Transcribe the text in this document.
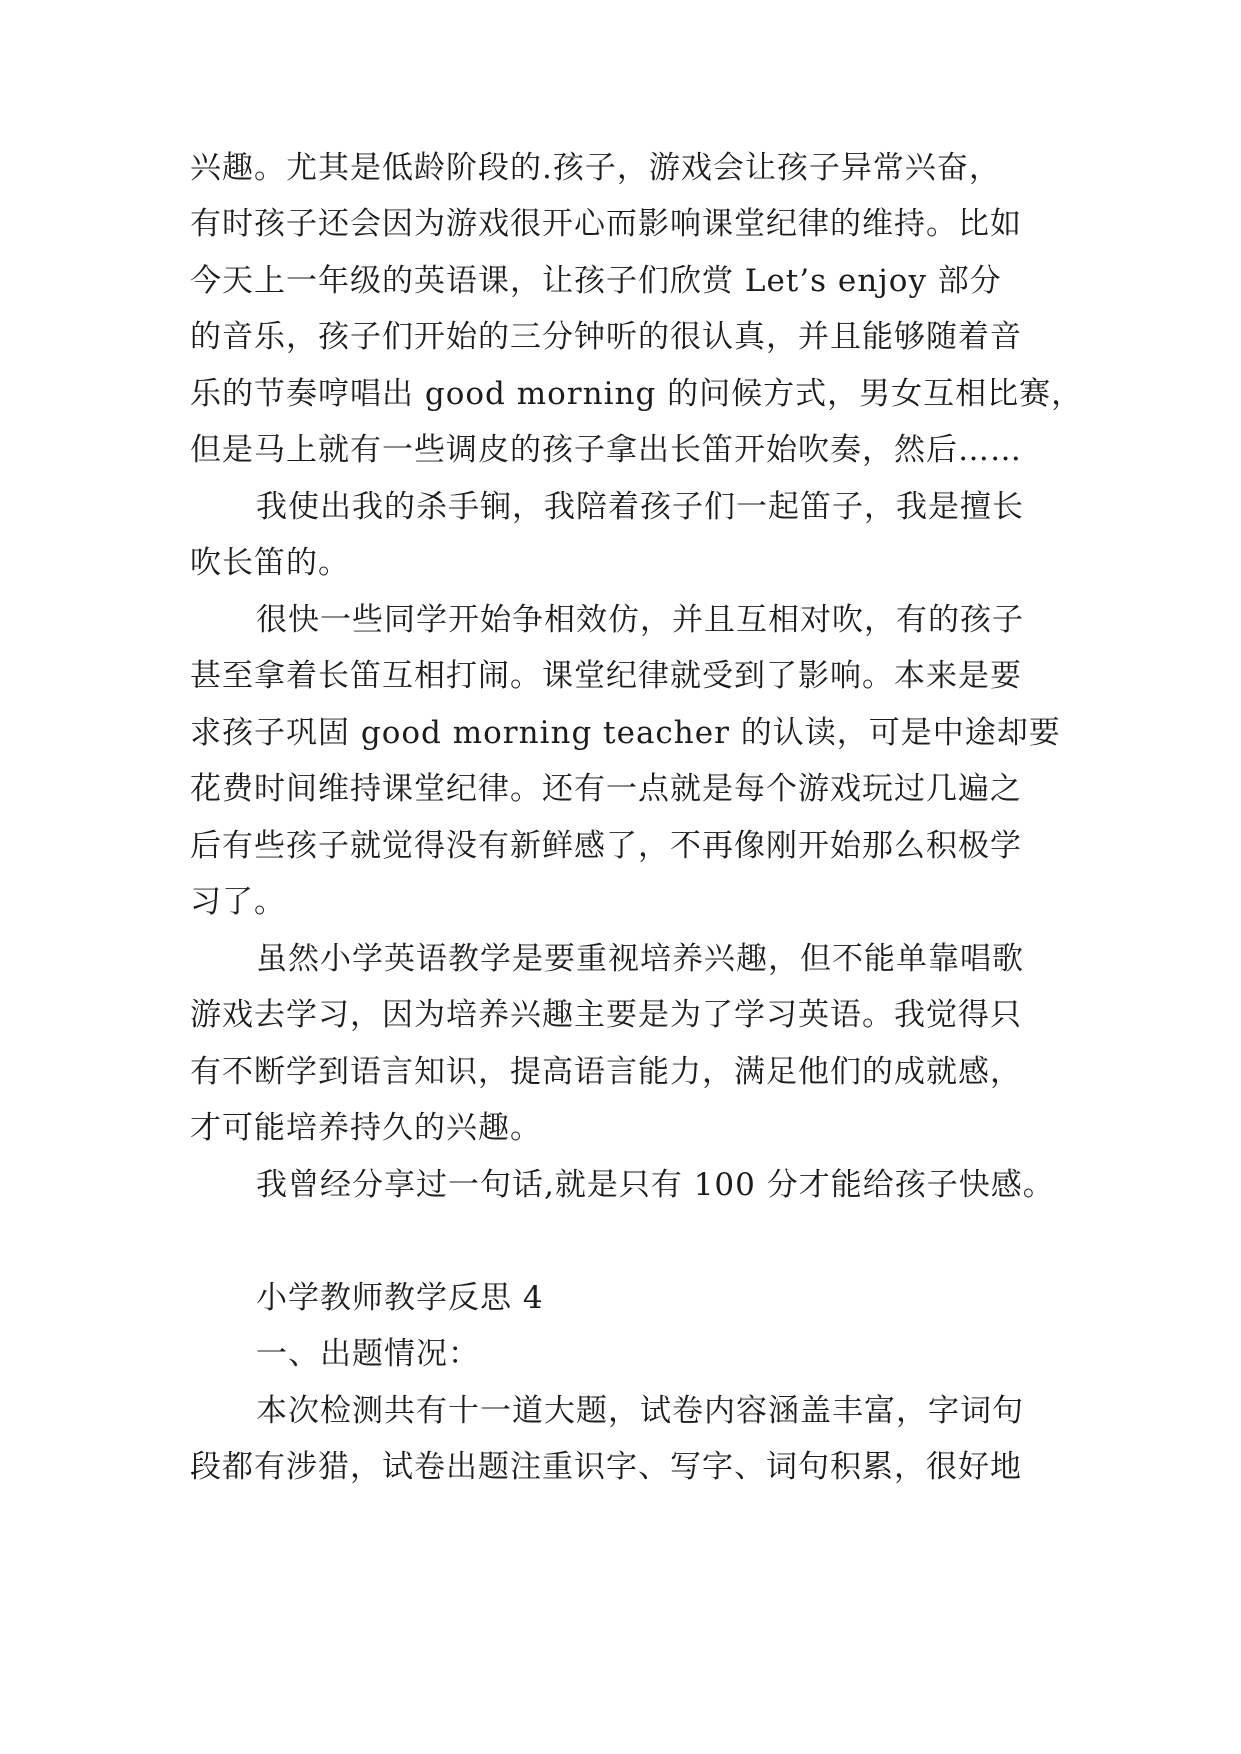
兴趣。尤其是低龄阶段的.孩子，游戏会让孩子异常兴奋，
有时孩子还会因为游戏很开心而影响课堂纪律的维持。比如
今天上一年级的英语课，让孩子们欣赏 Let’s enjoy 部分
的音乐，孩子们开始的三分钟听的很认真，并且能够随着音
乐的节奏哼唱出 good morning 的问候方式，男女互相比赛，
但是马上就有一些调皮的孩子拿出长笛开始吹奏，然后……
我使出我的杀手锏，我陪着孩子们一起笛子，我是擅长
吹长笛的。
很快一些同学开始争相效仿，并且互相对吹，有的孩子
甚至拿着长笛互相打闹。课堂纪律就受到了影响。本来是要
求孩子巩固 good morning teacher 的认读，可是中途却要
花费时间维持课堂纪律。还有一点就是每个游戏玩过几遍之
后有些孩子就觉得没有新鲜感了，不再像刚开始那么积极学
习了。
虽然小学英语教学是要重视培养兴趣，但不能单靠唱歌
游戏去学习，因为培养兴趣主要是为了学习英语。我觉得只
有不断学到语言知识，提高语言能力，满足他们的成就感，
才可能培养持久的兴趣。
我曾经分享过一句话,就是只有 100 分才能给孩子快感。
小学教师教学反思 4
一、出题情况：
本次检测共有十一道大题，试卷内容涵盖丰富，字词句
段都有涉猎，试卷出题注重识字、写字、词句积累，很好地
